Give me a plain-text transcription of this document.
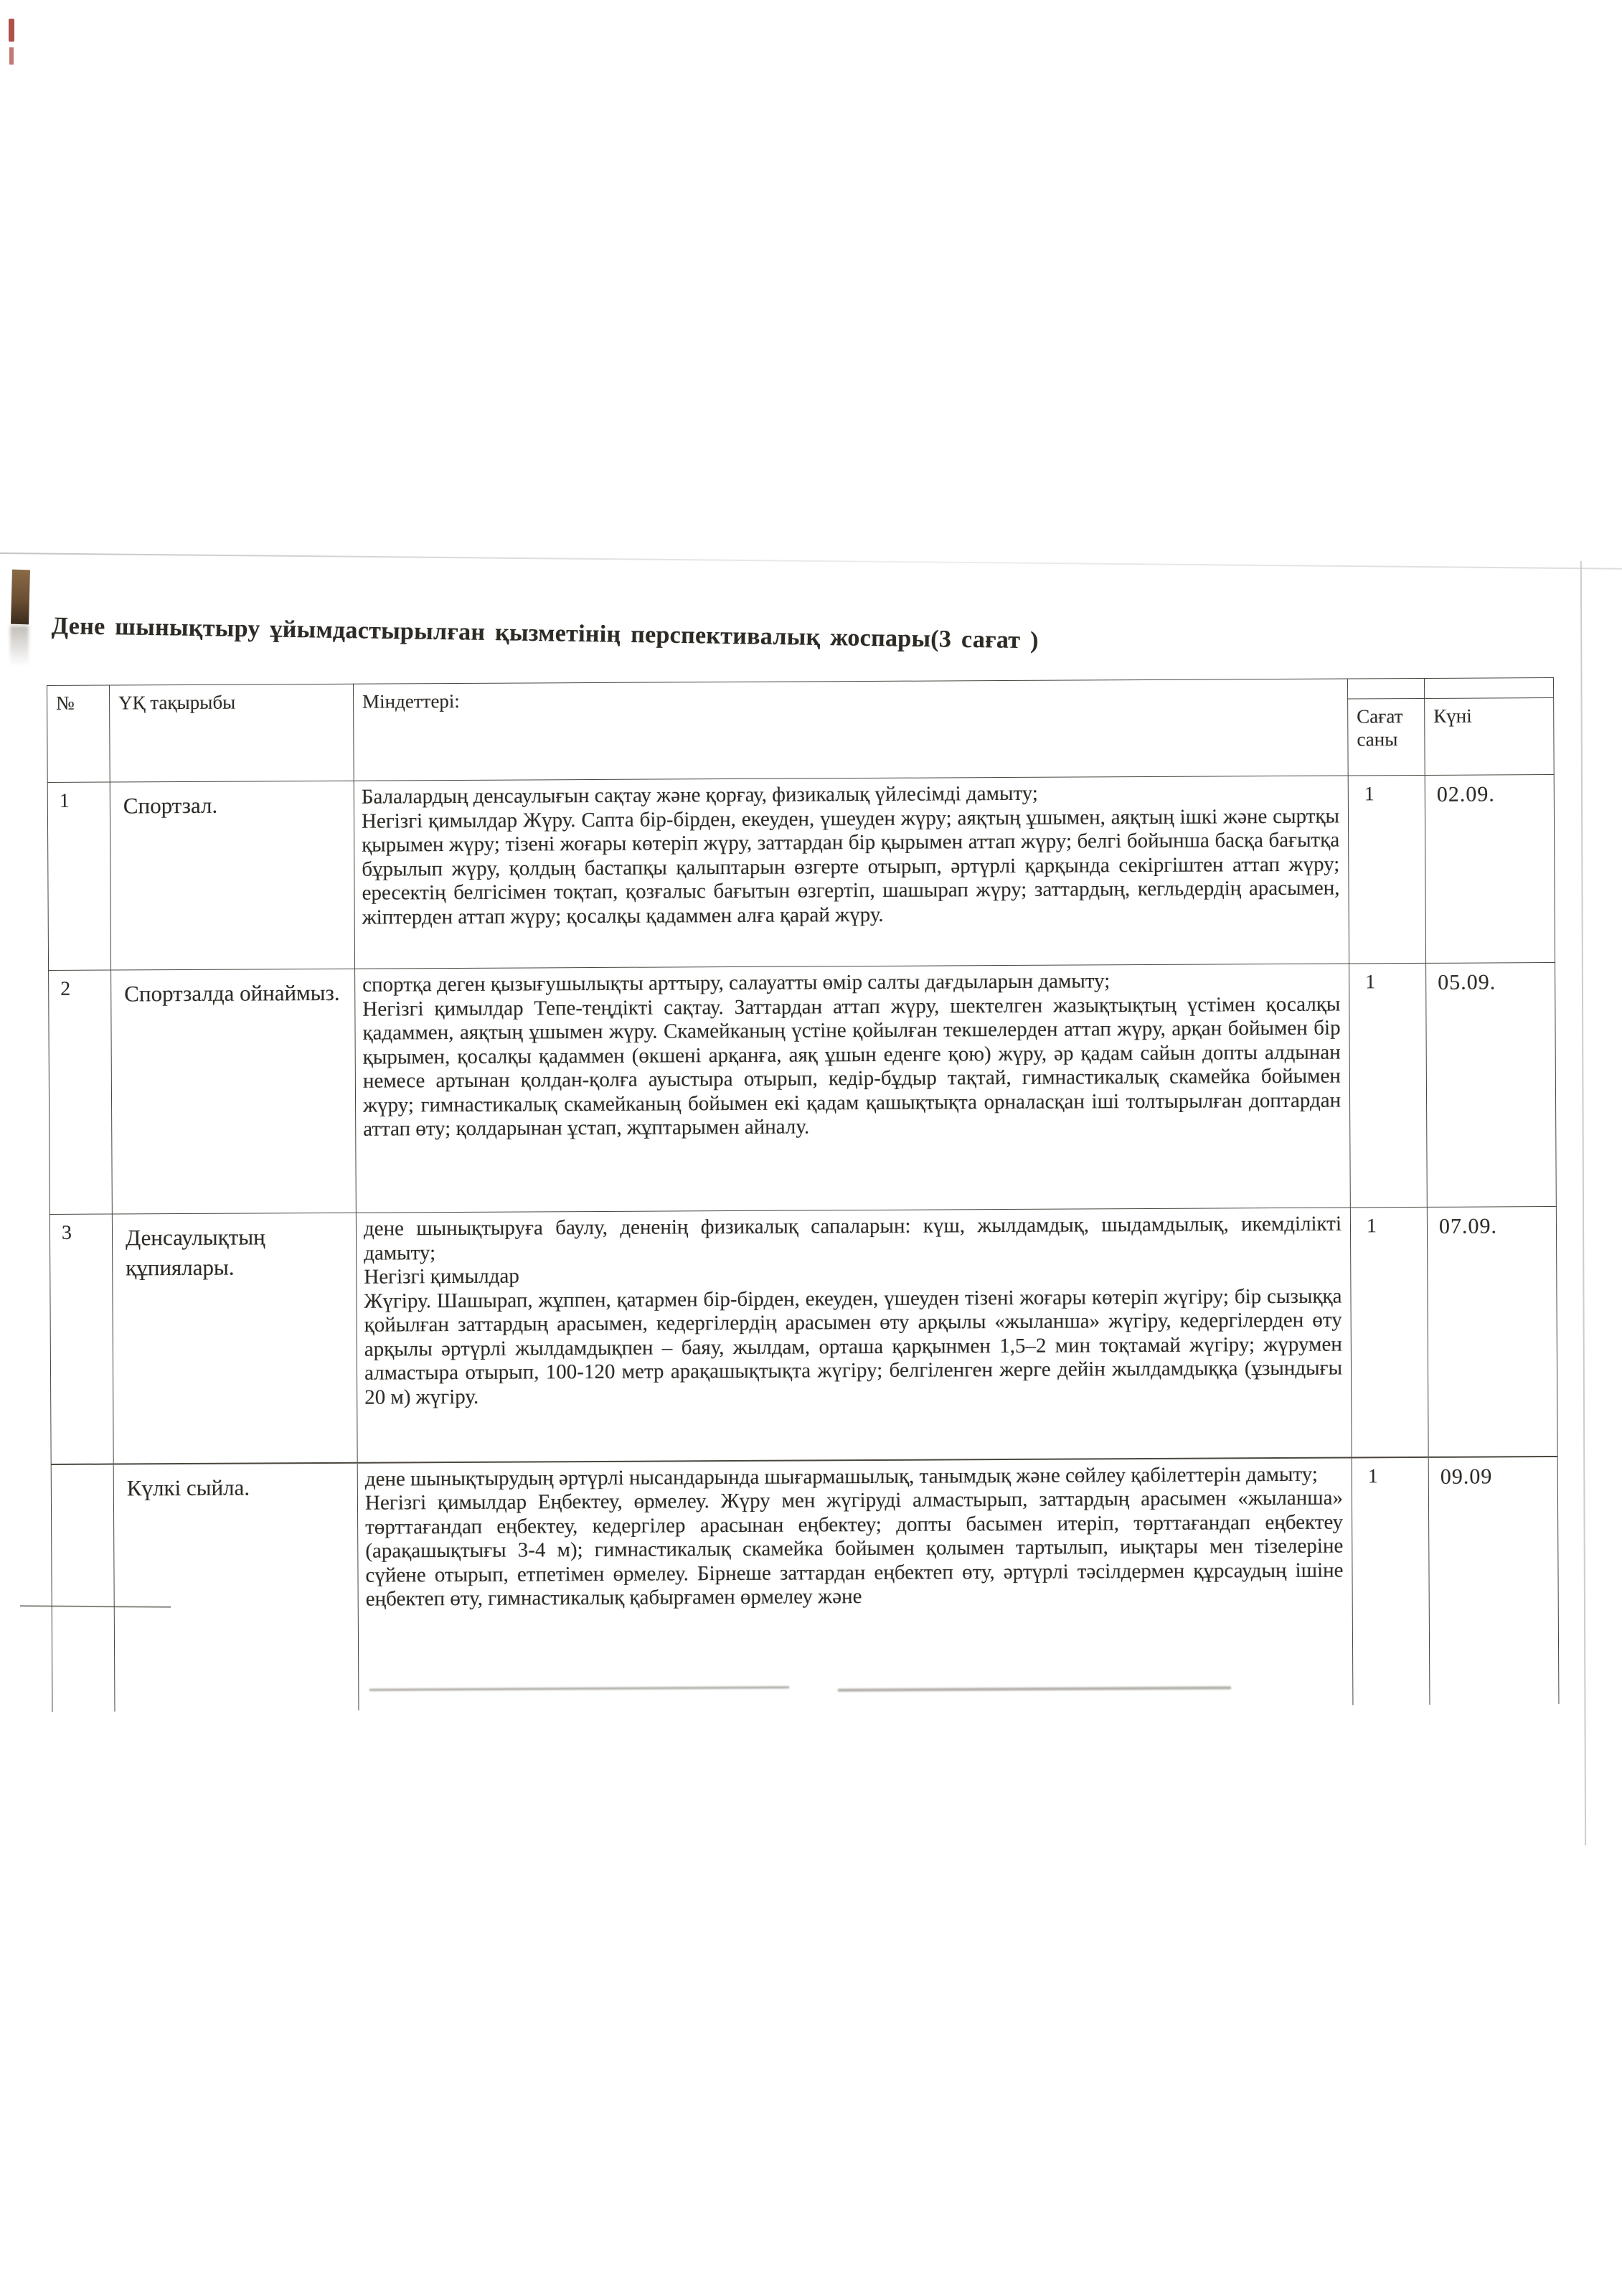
Дене шынықтыру ұйымдастырылған қызметінің перспективалық жоспары(3 сағат )
№	ҮҚ тақырыбы	Міндеттері:	Сағат саны	Күні
1	Спортзал.	Балалардың денсаулығын сақтау және қорғау, физикалық үйлесімді дамыту;
Негізгі қимылдар Жүру. Сапта бір-бірден, екеуден, үшеуден жүру; аяқтың ұшымен, аяқтың ішкі және сыртқы қырымен жүру; тізені жоғары көтеріп жүру, заттардан бір қырымен аттап жүру; белгі бойынша басқа бағытқа бұрылып жүру, қолдың бастапқы қалыптарын өзгерте отырып, әртүрлі қарқында секіргіштен аттап жүру; ересектің белгісімен тоқтап, қозғалыс бағытын өзгертіп, шашырап жүру; заттардың, кегльдердің арасымен, жіптерден аттап жүру; қосалқы қадаммен алға қарай жүру.	1	02.09.
2	Спортзалда ойнаймыз.	спортқа деген қызығушылықты арттыру, салауатты өмір салты дағдыларын дамыту;
Негізгі қимылдар Тепе-теңдікті сақтау. Заттардан аттап жүру, шектелген жазықтықтың үстімен қосалқы қадаммен, аяқтың ұшымен жүру. Скамейканың үстіне қойылған текшелерден аттап жүру, арқан бойымен бір қырымен, қосалқы қадаммен (өкшені арқанға, аяқ ұшын еденге қою) жүру, әр қадам сайын допты алдынан немесе артынан қолдан-қолға ауыстыра отырып, кедір-бұдыр тақтай, гимнастикалық скамейка бойымен жүру; гимнастикалық скамейканың бойымен екі қадам қашықтықта орналасқан іші толтырылған доптардан аттап өту; қолдарынан ұстап, жұптарымен айналу.	1	05.09.
3	Денсаулықтың құпиялары.	дене шынықтыруға баулу, дененің физикалық сапаларын: күш, жылдамдық, шыдамдылық, икемділікті дамыту;
Негізгі қимылдар
Жүгіру. Шашырап, жұппен, қатармен бір-бірден, екеуден, үшеуден тізені жоғары көтеріп жүгіру; бір сызыққа қойылған заттардың арасымен, кедергілердің арасымен өту арқылы «жыланша» жүгіру, кедергілерден өту арқылы әртүрлі жылдамдықпен – баяу, жылдам, орташа қарқынмен 1,5–2 мин тоқтамай жүгіру; жүрумен алмастыра отырып, 100-120 метр арақашықтықта жүгіру; белгіленген жерге дейін жылдамдыққа (ұзындығы 20 м) жүгіру.	1	07.09.
	Күлкі сыйла.	дене шынықтырудың әртүрлі нысандарында шығармашылық, танымдық және сөйлеу қабілеттерін дамыту;
Негізгі қимылдар Еңбектеу, өрмелеу. Жүру мен жүгіруді алмастырып, заттардың арасымен «жыланша» төрттағандап еңбектеу, кедергілер арасынан еңбектеу; допты басымен итеріп, төрттағандап еңбектеу (арақашықтығы 3-4 м); гимнастикалық скамейка бойымен қолымен тартылып, иықтары мен тізелеріне сүйене отырып, етпетімен өрмелеу. Бірнеше заттардан еңбектеп өту, әртүрлі тәсілдермен құрсаудың ішіне еңбектеп өту, гимнастикалық қабырғамен өрмелеу және	1	09.09
